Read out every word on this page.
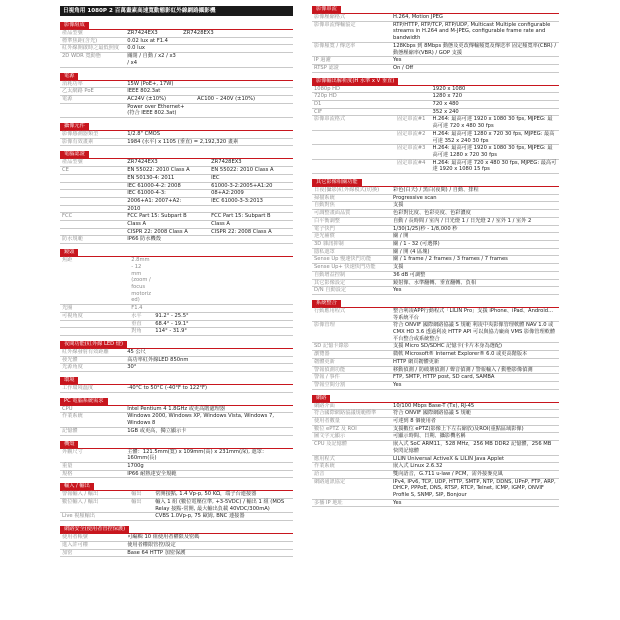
日視角用 1080P 2 百萬畫素高速寬動態影紅外線網路攝影機
影像組成
產品型號	ZR7424EX3	ZR7428EX3
標準焦距(含光)	0.02 lux at F1.4	
紅外線開啟時之最低照度	0.0 lux	
2D WDR 寬動態	關閉 / 自動 / x2 / x3 / x4	
電源
消耗功率	15W (PoE+, 17W)	
乙太網路 PoE	IEEE 802.3at	
電源	AC24V (±10%)	AC100 – 240V (±10%)
	Power over Ethernet+ (符合 IEEE 802.3at)	
攝像元件
影像感測器類型	1/2.8" CMOS
影像有效畫素	1984 (水平) x 1105 (垂直) = 2,192,320 畫素
電腦認證
產品型號	ZR7424EX3	ZR7428EX3
CE	EN 55022: 2010 Class A	EN 55022: 2010 Class A
	EN 50130-4: 2011	IEC
	IEC 61000-4-2: 2008	61000-3-2:2005+A1:20
	IEC 61000-4-3:	08+A2:2009
	2006+A1: 2007+A2:	IEC 61000-3-3:2013
	2010	
FCC	FCC Part 15: Subpart B	FCC Part 15: Subpart B
	Class A	Class A
	CISPR 22: 2008 Class A	CISPR 22: 2008 Class A
防水規範	IP66 防水機殼	
鏡頭
焦距	2.8mm - 12 mm (zoom / focus motorized)	
光圈	F1.4	
可視角度	水平	91.2° - 25.5°
	垂直	68.4° - 19.1°
	對角	114° - 31.9°
夜間功能(紅外線 LED 燈)
紅外線發射有效距離	45 公尺
發光體	高功率紅外線LED 850nm
光源角度	30°
環境
工作環境溫度	-40°C to 50°C (-40°F to 122°F)
PC 電腦系統需求
CPU	Intel Pentium 4 1.8GHz 或更高階處理器
作業系統	Windows 2000, Windows XP, Windows Vista, Windows 7, Windows 8
記憶體	1GB 或更高，獨立顯示卡
機殼
外觀尺寸	主體：121.5mm(寬) x 109mm(高) x 231mm(深), 遮罩：160mm(長)
重量	1700g
規格	IP66 耐熱達安全規範
輸入 / 輸出
警報輸入 / 輸出	輸出	常開接點, 1.4 Vp-p, 50 KΩ，端子台連接器
數位輸入 / 輸出	輸出	輸入 1 組 (數位電壓位準, +3-5VDC) / 輸出 1 組 (MOS Relay 接點-常開, 最大輸出負載 40VDC/300mA)
Live 視頻輸出		CVBS 1.0Vp-p, 75 歐姆, BNC 連接器
網路安全(使用者管控保護)
使用者帳號	可編輯 10 組使用者權限及密碼
進入許可權	使用者權限管控/設定
加密	Base 64 HTTP 加密保護
影像串流
影像壓縮格式	H.264, Motion JPEG
影像串流傳輸協定	RTP/HTTP, RTP/TCP, RTP/UDP, Multicast Multiple configurable streams in H.264 and M-JPEG, configurable frame rate and bandwidth
影像頻寬 / 傳送率	128Kbps 到 8Mbps 動態及更改傳輸頻寬及傳送率 固定頻寬率(CBR) / 動態壓縮率(VBR) / GOP 支援
IP 過濾	Yes
RTSP 認證	On / Off
影像輸出解析度(H 水準 x V 垂直)
1080p HD		1920 x 1080
720p HD		1280 x 720
D1		720 x 480
CIF		352 x 240
影像串流格式	固定串流#1	H.264: 最高可達 1920 x 1080 30 fps, MJPEG: 最高可達 720 x 480 30 fps
	固定串流#2	H.264: 最高可達 1280 x 720 30 fps, MJPEG: 最高可達 352 x 240 30 fps
	固定串流#3	H.264: 最高可達 1920 x 1080 30 fps, MJPEG: 最高可達 1280 x 720 30 fps
	固定串流#4	H.264: 最高可達 720 x 480 30 fps, MJPEG: 最高可達 1920 x 1080 15 fps
其它影像相關功能
日夜(攝影)紅外線模式(切換)	彩色(白天) / 黑白(夜間) / 自動、排程
掃描系統	Progressive scan
自動對焦	支援
可調整畫面品質	色彩對比度、色彩亮度、色彩濃度
白平衡調整	自動 / 長時間 / 室內 / 日光燈 1 / 日光燈 2 / 室外 1 / 室外 2
電子快門	1/30(1/25)秒 - 1/8,000 秒
逆光補償	關 / 開
3D 雜訊抑制	關 / 1 - 32 (可選擇)
隱私遮罩	關 / 開 (4 區塊)
Sense Up 慢速快門功能	關 / 1 frame / 2 frames / 3 frames / 7 frames
Sense Up+ 快速快門功能	支援
自動增益控制	36 dB 可調整
其它影像設定	鏡射像、水準翻轉、垂直翻轉、負相
D/N 自動設定	Yes
系統整合
行動應用程式	整合利凌APP行動程式「LILIN Pro」支援 iPhone、iPad、Android...等系統平台
影像管理	符合 ONVIF 國際網路協議 S 規範 利凌中央影像管理軟體 NAV 1.0 或 CMX HD 3.6 透過利凌 HTTP API 可以與協力廠商 VMS 影像管理軟體平台整合或系統整合
SD 記憶卡錄影	支援 Micro SD/SDHC 記憶卡(卡片本身為選配)
瀏覽器	微軟 Microsoft® Internet Explorer® 6.0 或更高階版本
韌體更新	HTTP 網頁韌體更新
警報偵測功能	移動偵測 / 防破壞偵測 / 聲音偵測 / 警報輸入 / 動態影像偵測
警報 / 事件	FTP, SMTP, HTTP post, SD card, SAMBA
警報空間分割	Yes
網路
網路介面	10/100 Mbps Base-T (Tx), RJ-45
符合國際網路協議規範標準	符合 ONVIF 國際網路協議 S 規範
使用者數量	可達到 8 個使用者
數位 ePTZ 及 ROI	支援數位 ePTZ(影像上下左右縮放)及ROI(重點區域影像)
圖文字元顯示	可顯示時間、日期、攝影機名稱
CPU 及記憶體	嵌入式 SoC ARM11，528 MHz，256 MB DDR2 記憶體，256 MB 快閃記憶體
應用程式	LILIN Universal ActiveX & LILIN Java Applet
作業系統	嵌入式 Linux 2.6.32
語音	雙向語音，G.711 u-law / PCM，需外接麥克風
網路通訊協定	IPv4, IPv6, TCP, UDP, HTTP, SMTP, NTP, DDNS, UPnP, FTP, ARP, DHCP, PPPoE, DNS, RTSP, RTCP, Telnet, ICMP, IGMP, ONVIF Profile S, SNMP, SIP, Bonjour
多播 IP 地址	Yes
